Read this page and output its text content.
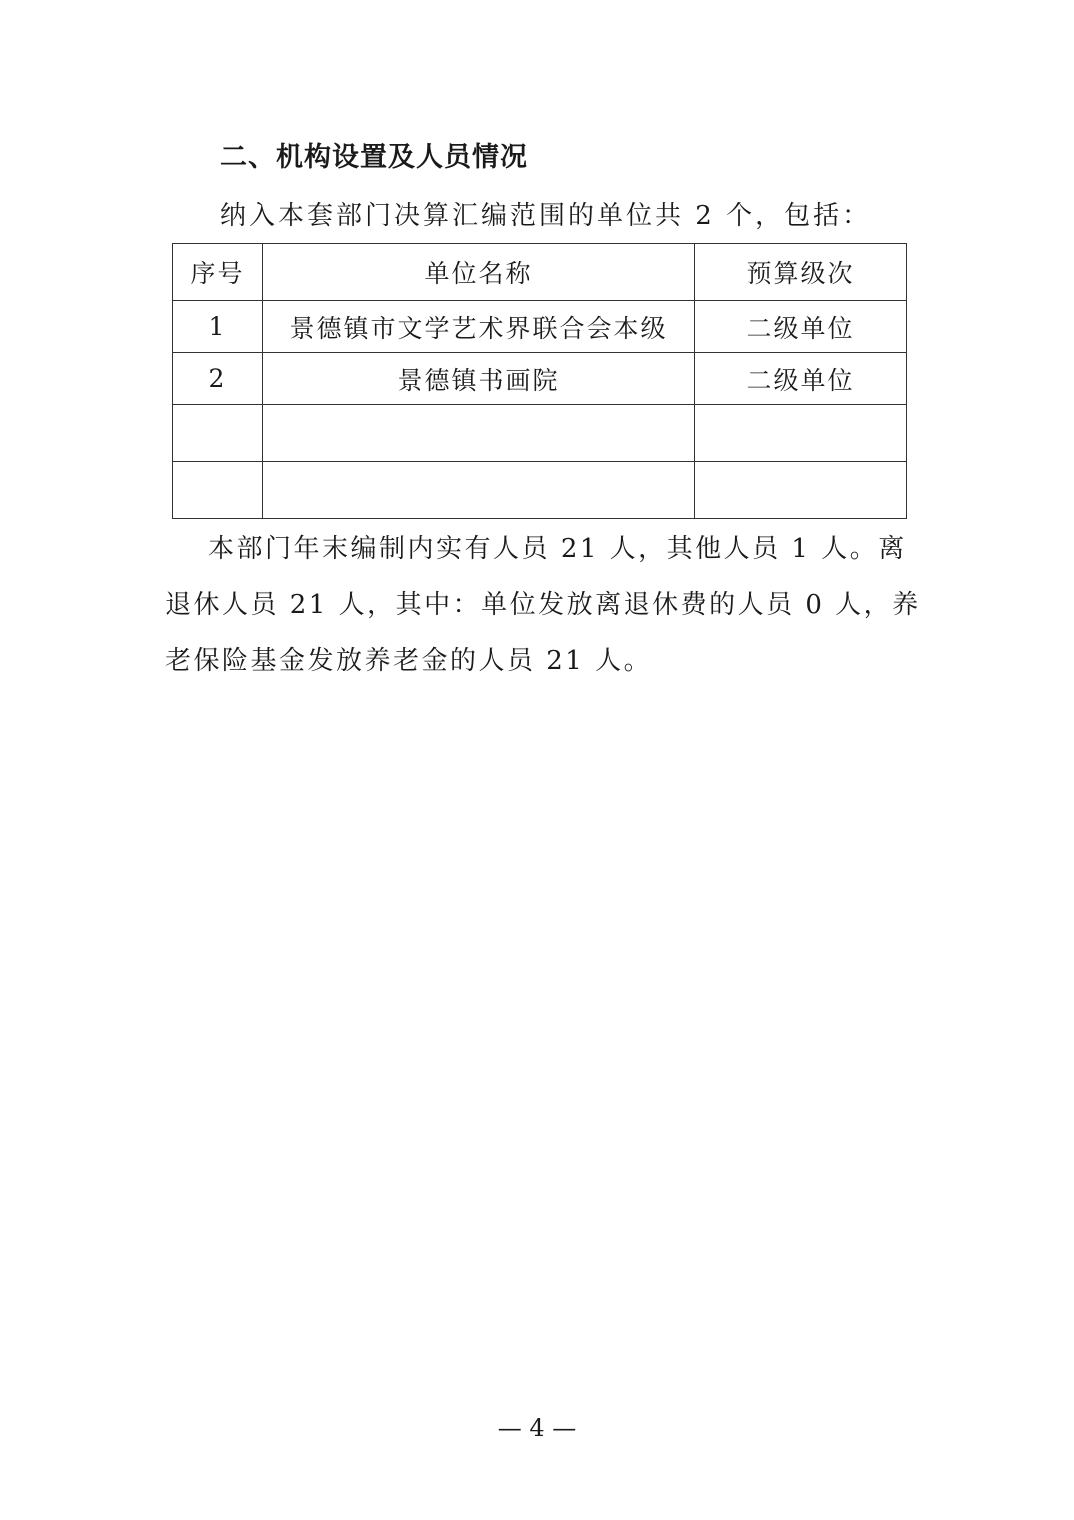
二、机构设置及人员情况
纳入本套部门决算汇编范围的单位共 2 个，包括：
序号	单位名称	预算级次
1	景德镇市文学艺术界联合会本级	二级单位
2	景德镇书画院	二级单位

本部门年末编制内实有人员 21 人，其他人员 1 人。离
退休人员 21 人，其中：单位发放离退休费的人员 0 人，养
老保险基金发放养老金的人员 21 人。
— 4 —
